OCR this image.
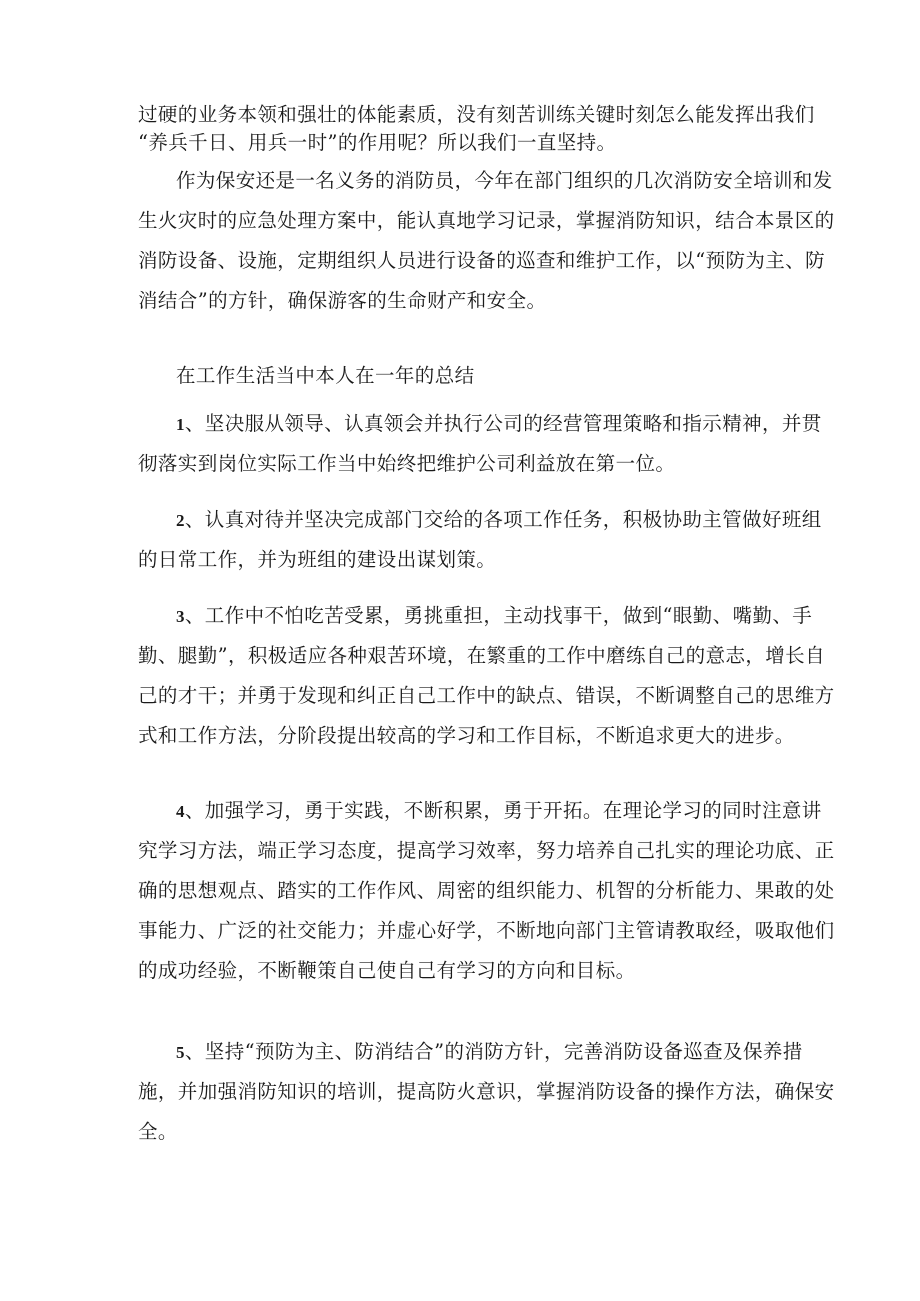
过硬的业务本领和强壮的体能素质，没有刻苦训练关键时刻怎么能发挥出我们
“养兵千日、用兵一时”的作用呢？所以我们一直坚持。
作为保安还是一名义务的消防员，今年在部门组织的几次消防安全培训和发
生火灾时的应急处理方案中，能认真地学习记录，掌握消防知识，结合本景区的
消防设备、设施，定期组织人员进行设备的巡查和维护工作，以“预防为主、防
消结合”的方针，确保游客的生命财产和安全。
在工作生活当中本人在一年的总结
1、坚决服从领导、认真领会并执行公司的经营管理策略和指示精神，并贯
彻落实到岗位实际工作当中始终把维护公司利益放在第一位。
2、认真对待并坚决完成部门交给的各项工作任务，积极协助主管做好班组
的日常工作，并为班组的建设出谋划策。
3、工作中不怕吃苦受累，勇挑重担，主动找事干，做到“眼勤、嘴勤、手
勤、腿勤”，积极适应各种艰苦环境，在繁重的工作中磨练自己的意志，增长自
己的才干；并勇于发现和纠正自己工作中的缺点、错误，不断调整自己的思维方
式和工作方法，分阶段提出较高的学习和工作目标，不断追求更大的进步。
4、加强学习，勇于实践，不断积累，勇于开拓。在理论学习的同时注意讲
究学习方法，端正学习态度，提高学习效率，努力培养自己扎实的理论功底、正
确的思想观点、踏实的工作作风、周密的组织能力、机智的分析能力、果敢的处
事能力、广泛的社交能力；并虚心好学，不断地向部门主管请教取经，吸取他们
的成功经验，不断鞭策自己使自己有学习的方向和目标。
5、坚持“预防为主、防消结合”的消防方针，完善消防设备巡查及保养措
施，并加强消防知识的培训，提高防火意识，掌握消防设备的操作方法，确保安
全。
